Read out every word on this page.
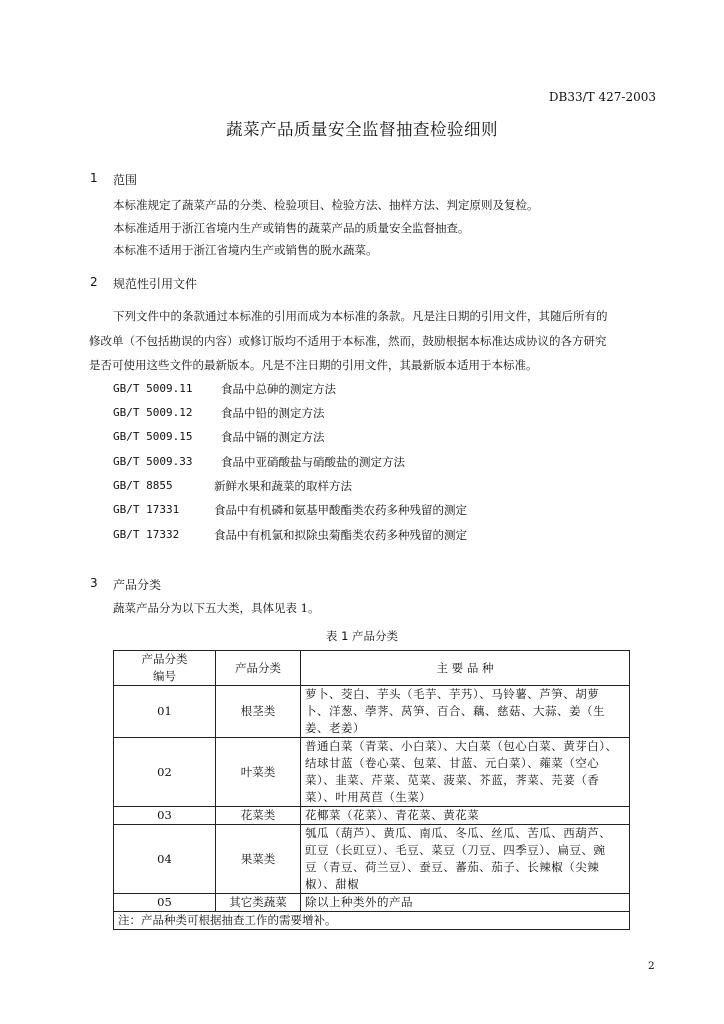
DB33/T 427-2003
蔬菜产品质量安全监督抽查检验细则
1 范围
本标准规定了蔬菜产品的分类、检验项目、检验方法、抽样方法、判定原则及复检。
本标准适用于浙江省境内生产或销售的蔬菜产品的质量安全监督抽查。
本标准不适用于浙江省境内生产或销售的脱水蔬菜。
2 规范性引用文件
下列文件中的条款通过本标准的引用而成为本标准的条款。凡是注日期的引用文件，其随后所有的
修改单（不包括勘误的内容）或修订版均不适用于本标准，然而，鼓励根据本标准达成协议的各方研究
是否可使用这些文件的最新版本。凡是不注日期的引用文件，其最新版本适用于本标准。
GB/T 5009.11 食品中总砷的测定方法
GB/T 5009.12 食品中铅的测定方法
GB/T 5009.15 食品中镉的测定方法
GB/T 5009.33 食品中亚硝酸盐与硝酸盐的测定方法
GB/T 8855	新鲜水果和蔬菜的取样方法
GB/T 17331	食品中有机磷和氨基甲酸酯类农药多种残留的测定
GB/T 17332	食品中有机氯和拟除虫菊酯类农药多种残留的测定
3 产品分类
蔬菜产品分为以下五大类，具体见表 1。
表 1 产品分类
产品分类
编号	产品分类	主 要 品 种
01	根茎类	萝卜、茭白、芋头（毛芋、芋艿）、马铃薯、芦笋、胡萝
卜、洋葱、荸荠、莴笋、百合、藕、慈菇、大蒜、姜（生
姜、老姜）

02	叶菜类	普通白菜（青菜、小白菜）、大白菜（包心白菜、黄芽白）、
结球甘蓝（卷心菜、包菜、甘蓝、元白菜）、蕹菜（空心
菜）、韭菜、芹菜、苋菜、菠菜、芥蓝，荠菜、芫荽（香
菜）、叶用莴苣（生菜）

03	花菜类	花椰菜（花菜）、青花菜、黄花菜

04	果菜类	瓠瓜（葫芦）、黄瓜、南瓜、冬瓜、丝瓜、苦瓜、西葫芦、
豇豆（长豇豆）、毛豆、菜豆（刀豆、四季豆）、扁豆、豌
豆（青豆、荷兰豆）、蚕豆、蕃茄、茄子、长辣椒（尖辣
椒）、甜椒

05	其它类蔬菜	除以上种类外的产品

注：产品种类可根据抽查工作的需要增补。		
2
